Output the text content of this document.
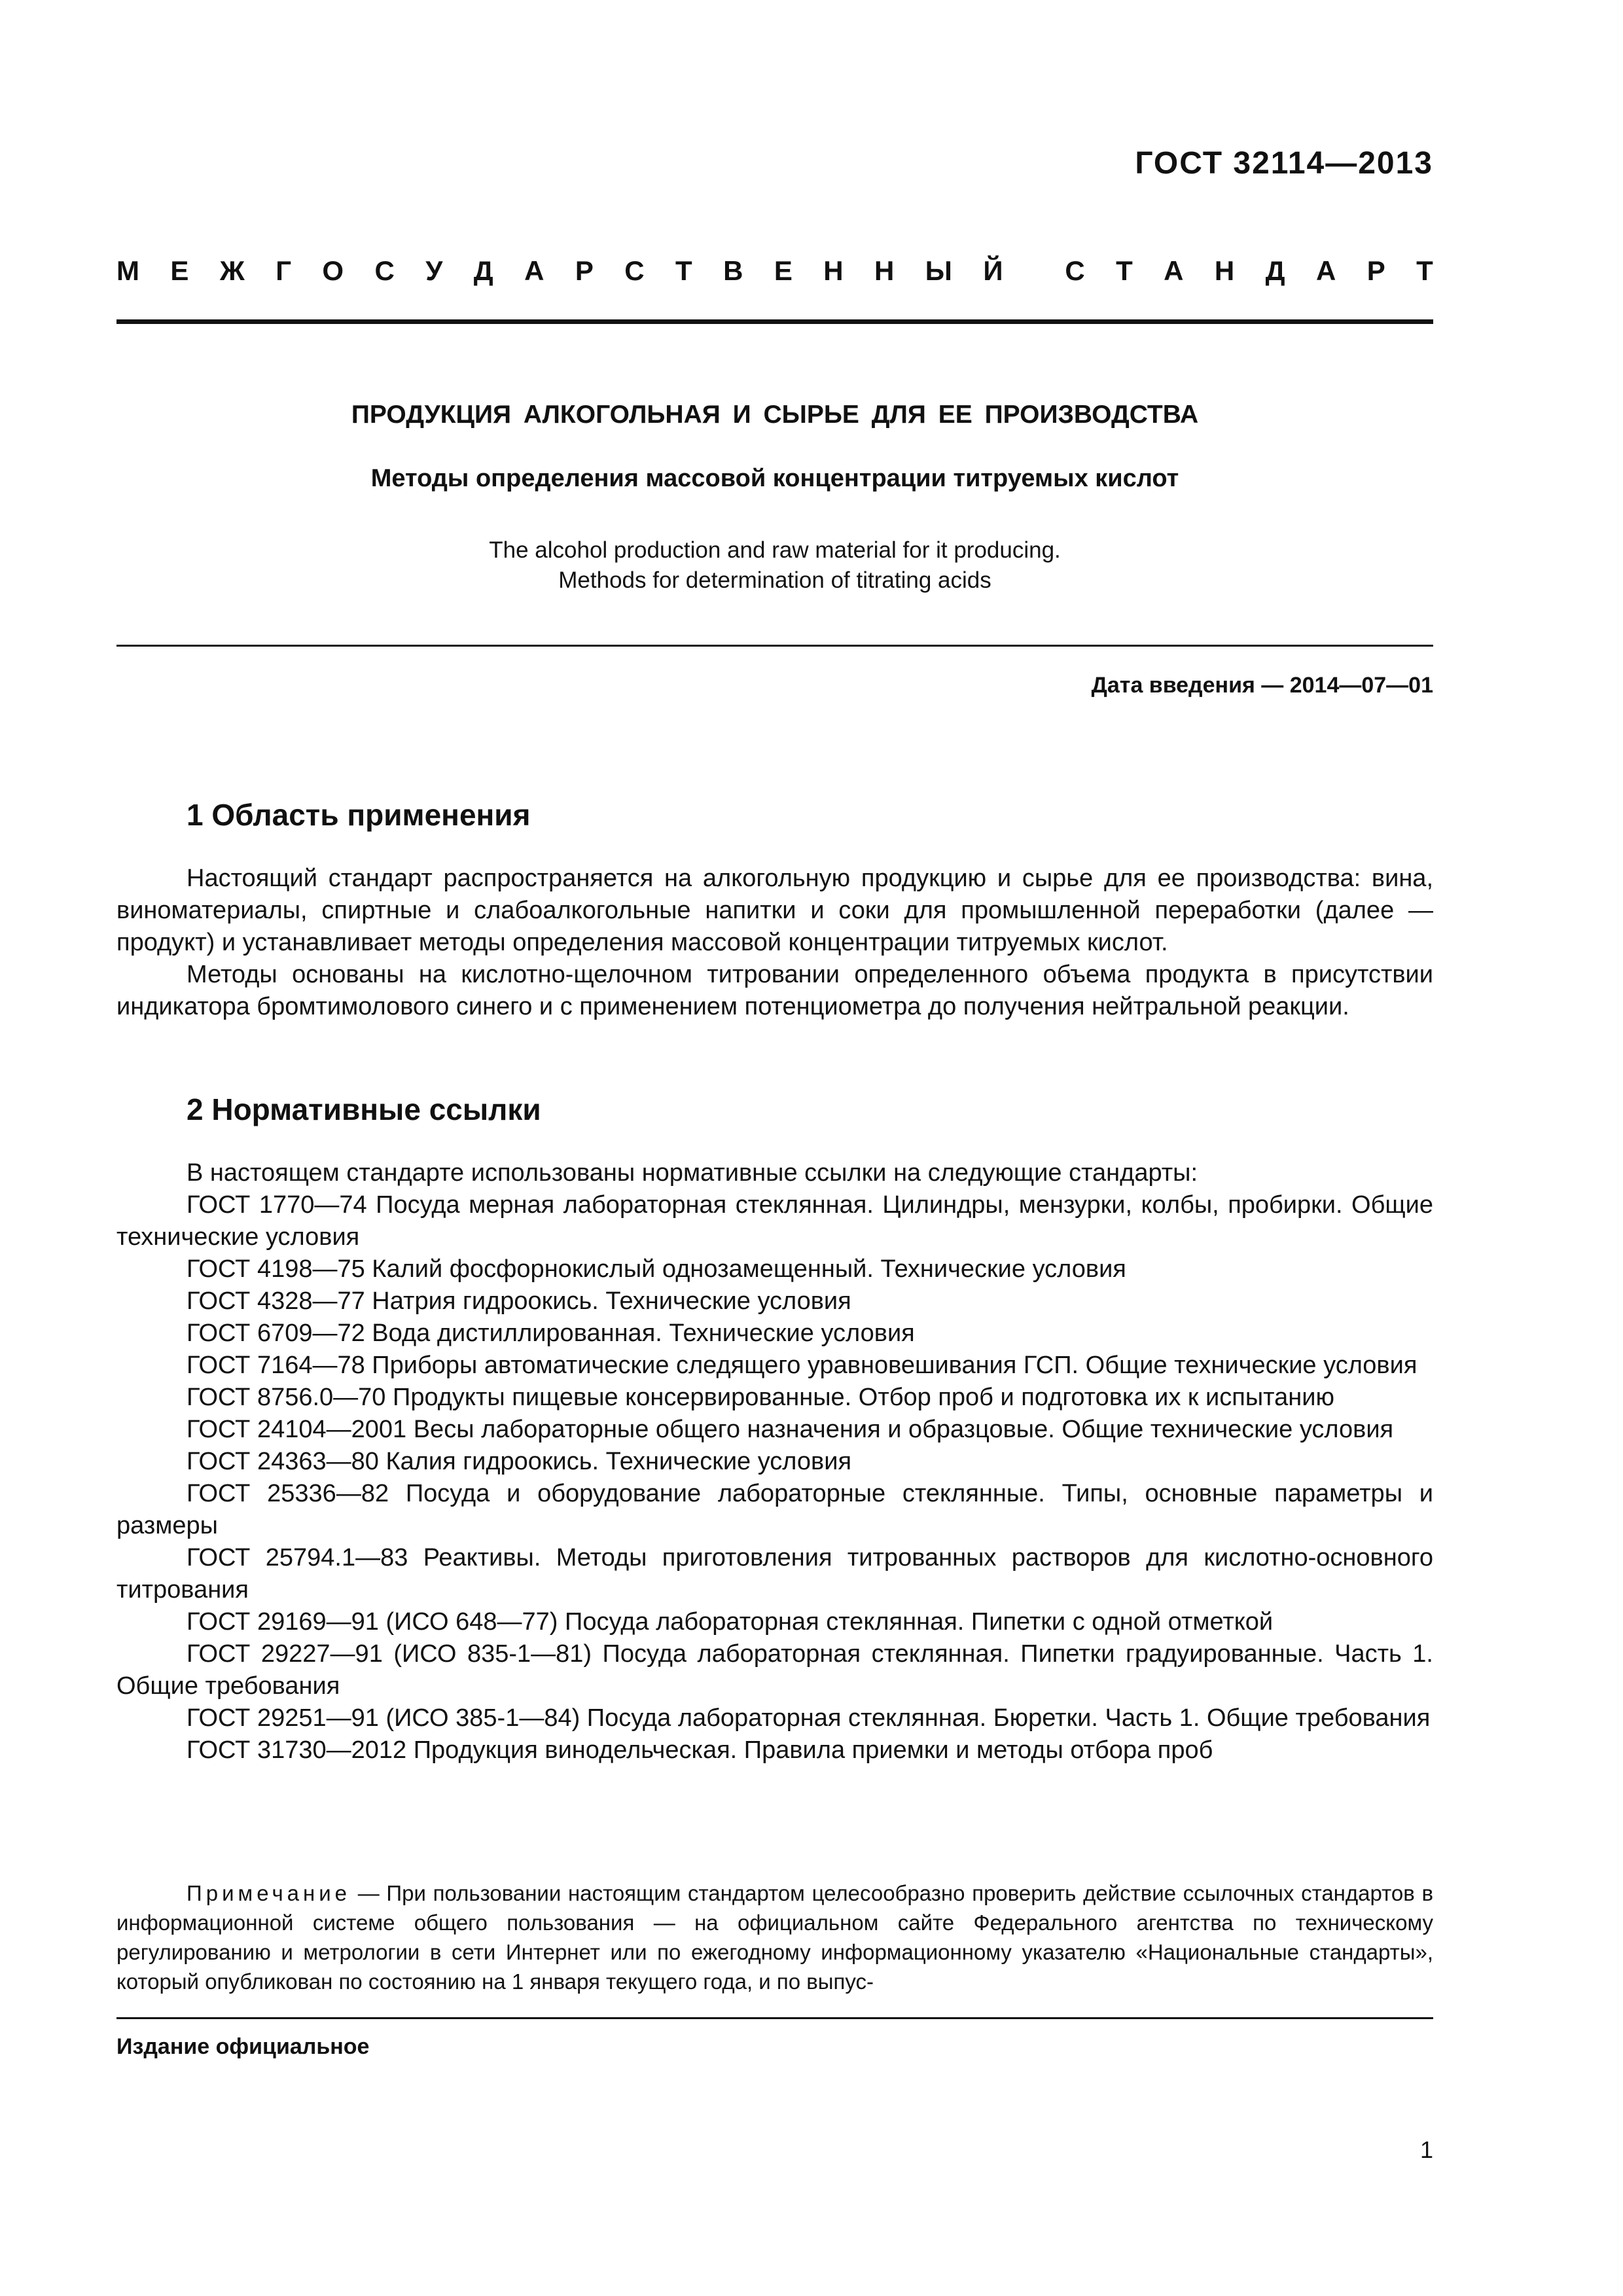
ГОСТ 32114—2013
М Е Ж Г О С У Д А Р С Т В Е Н Н Ы Й С Т А Н Д А Р Т
ПРОДУКЦИЯ АЛКОГОЛЬНАЯ И СЫРЬЕ ДЛЯ ЕЕ ПРОИЗВОДСТВА
Методы определения массовой концентрации титруемых кислот
The alcohol production and raw material for it producing.
Methods for determination of titrating acids
Дата введения — 2014—07—01
1 Область применения

Настоящий стандарт распространяется на алкогольную продукцию и сырье для ее производства: вина, виноматериалы, спиртные и слабоалкогольные напитки и соки для промышленной переработки (далее — продукт) и устанавливает методы определения массовой концентрации титруемых кислот.

Методы основаны на кислотно-щелочном титровании определенного объема продукта в присутствии индикатора бромтимолового синего и с применением потенциометра до получения нейтральной реакции.

2 Нормативные ссылки

В настоящем стандарте использованы нормативные ссылки на следующие стандарты:

ГОСТ 1770—74 Посуда мерная лабораторная стеклянная. Цилиндры, мензурки, колбы, пробирки. Общие технические условия

ГОСТ 4198—75 Калий фосфорнокислый однозамещенный. Технические условия

ГОСТ 4328—77 Натрия гидроокись. Технические условия

ГОСТ 6709—72 Вода дистиллированная. Технические условия

ГОСТ 7164—78 Приборы автоматические следящего уравновешивания ГСП. Общие технические условия

ГОСТ 8756.0—70 Продукты пищевые консервированные. Отбор проб и подготовка их к испытанию

ГОСТ 24104—2001 Весы лабораторные общего назначения и образцовые. Общие технические условия

ГОСТ 24363—80 Калия гидроокись. Технические условия

ГОСТ 25336—82 Посуда и оборудование лабораторные стеклянные. Типы, основные параметры и размеры

ГОСТ 25794.1—83 Реактивы. Методы приготовления титрованных растворов для кислотно-основного титрования

ГОСТ 29169—91 (ИСО 648—77) Посуда лабораторная стеклянная. Пипетки с одной отметкой

ГОСТ 29227—91 (ИСО 835-1—81) Посуда лабораторная стеклянная. Пипетки градуированные. Часть 1. Общие требования

ГОСТ 29251—91 (ИСО 385-1—84) Посуда лабораторная стеклянная. Бюретки. Часть 1. Общие требования

ГОСТ 31730—2012 Продукция винодельческая. Правила приемки и методы отбора проб

Примечание — При пользовании настоящим стандартом целесообразно проверить действие ссылочных стандартов в информационной системе общего пользования — на официальном сайте Федерального агентства по техническому регулированию и метрологии в сети Интернет или по ежегодному информационному указателю «Национальные стандарты», который опубликован по состоянию на 1 января текущего года, и по выпус-
Издание официальное
1
